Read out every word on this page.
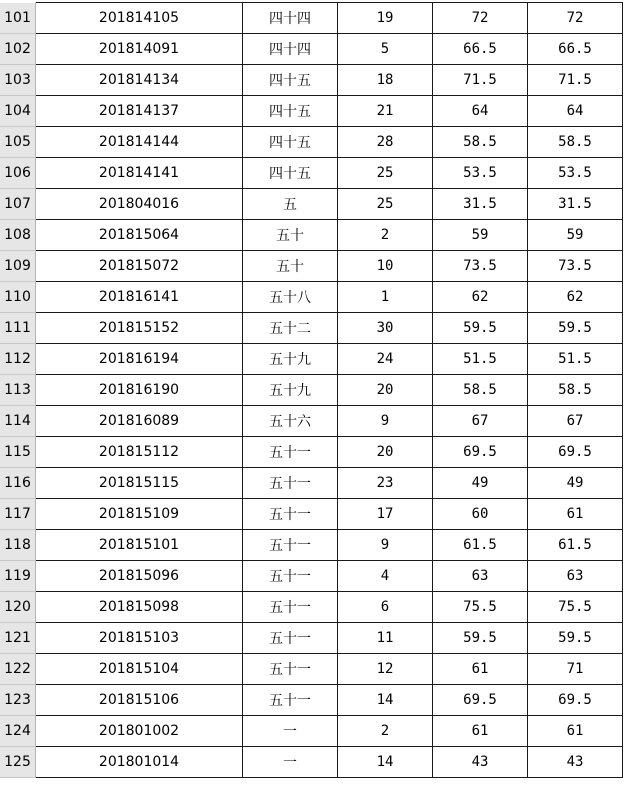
101	201814105	四十四	19	72	72
102	201814091	四十四	5	66.5	66.5
103	201814134	四十五	18	71.5	71.5
104	201814137	四十五	21	64	64
105	201814144	四十五	28	58.5	58.5
106	201814141	四十五	25	53.5	53.5
107	201804016	五	25	31.5	31.5
108	201815064	五十	2	59	59
109	201815072	五十	10	73.5	73.5
110	201816141	五十八	1	62	62
111	201815152	五十二	30	59.5	59.5
112	201816194	五十九	24	51.5	51.5
113	201816190	五十九	20	58.5	58.5
114	201816089	五十六	9	67	67
115	201815112	五十一	20	69.5	69.5
116	201815115	五十一	23	49	49
117	201815109	五十一	17	60	61
118	201815101	五十一	9	61.5	61.5
119	201815096	五十一	4	63	63
120	201815098	五十一	6	75.5	75.5
121	201815103	五十一	11	59.5	59.5
122	201815104	五十一	12	61	71
123	201815106	五十一	14	69.5	69.5
124	201801002	一	2	61	61
125	201801014	一	14	43	43
